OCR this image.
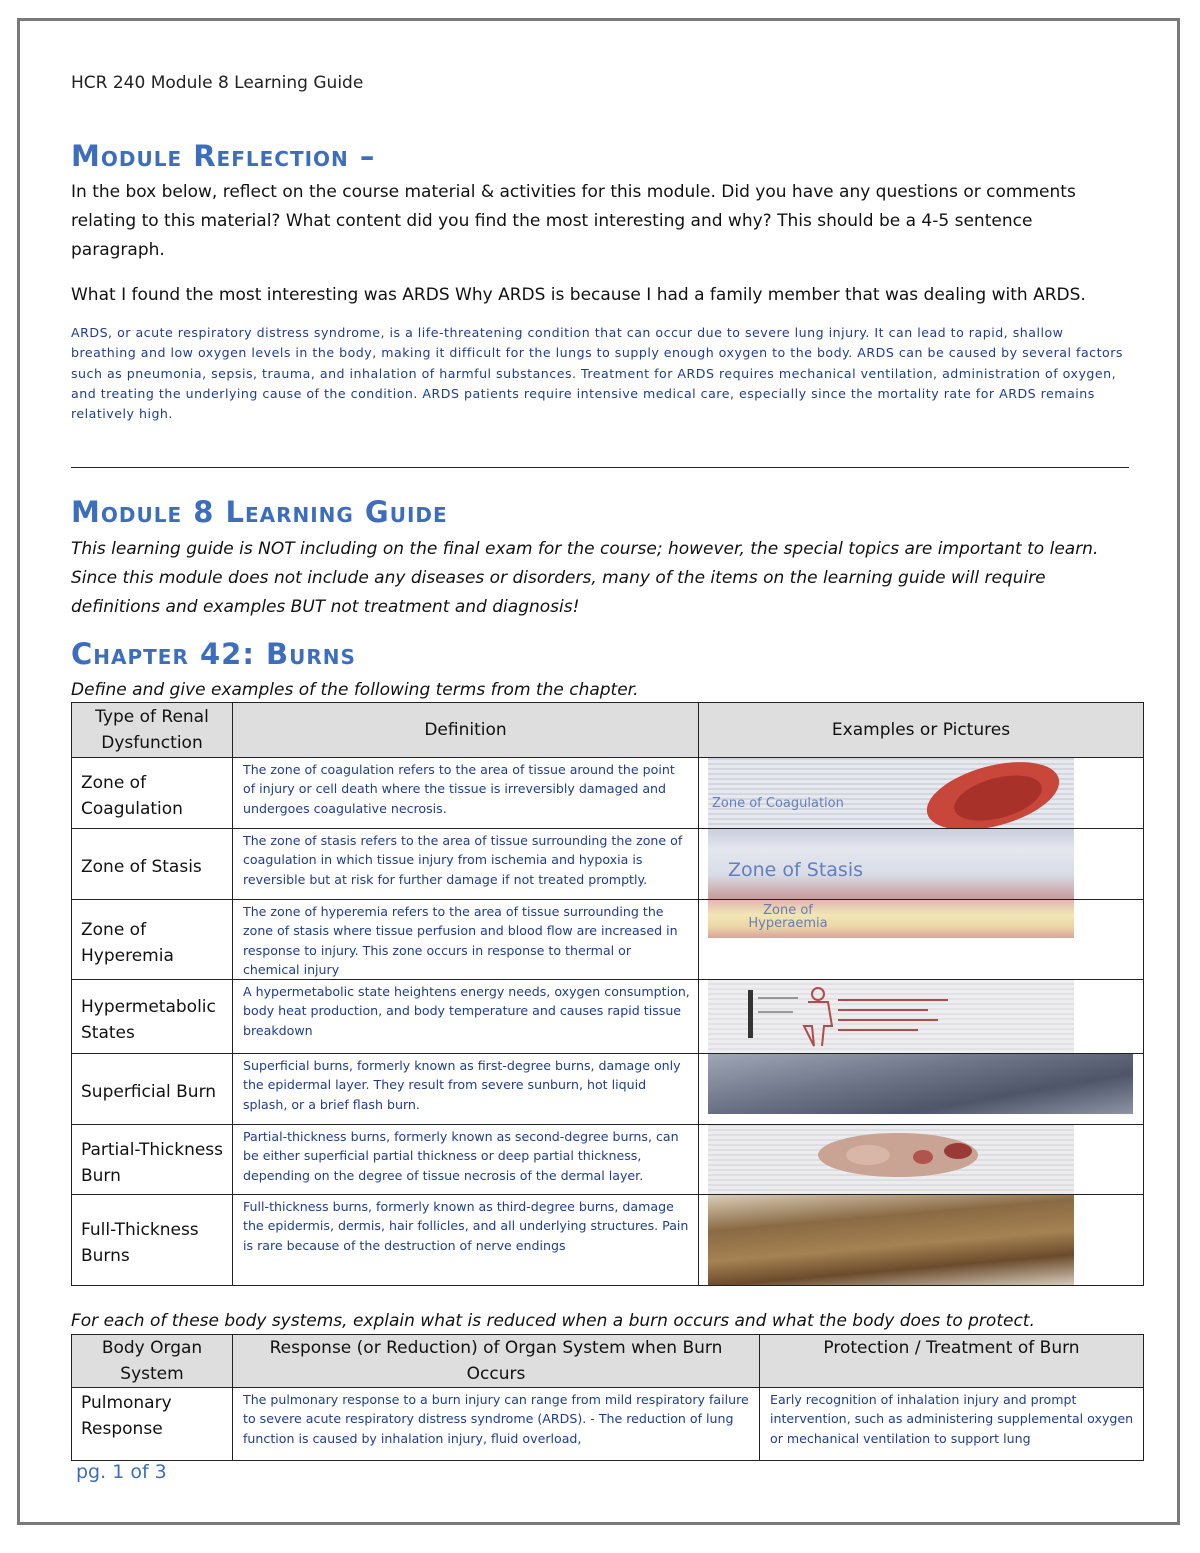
HCR 240 Module 8 Learning Guide
Module Reflection –
In the box below, reflect on the course material & activities for this module. Did you have any questions or comments relating to this material? What content did you find the most interesting and why? This should be a 4-5 sentence paragraph.
What I found the most interesting was ARDS Why ARDS is because I had a family member that was dealing with ARDS.
ARDS, or acute respiratory distress syndrome, is a life-threatening condition that can occur due to severe lung injury. It can lead to rapid, shallow breathing and low oxygen levels in the body, making it difficult for the lungs to supply enough oxygen to the body. ARDS can be caused by several factors such as pneumonia, sepsis, trauma, and inhalation of harmful substances. Treatment for ARDS requires mechanical ventilation, administration of oxygen, and treating the underlying cause of the condition. ARDS patients require intensive medical care, especially since the mortality rate for ARDS remains relatively high.
Module 8 Learning Guide
This learning guide is NOT including on the final exam for the course; however, the special topics are important to learn. Since this module does not include any diseases or disorders, many of the items on the learning guide will require definitions and examples BUT not treatment and diagnosis!
Chapter 42: Burns
Define and give examples of the following terms from the chapter.
Type of Renal Dysfunction	Definition	Examples or Pictures
Zone of Coagulation	The zone of coagulation refers to the area of tissue around the point of injury or cell death where the tissue is irreversibly damaged and undergoes coagulative necrosis.	Zone of Coagulation

Zone of Stasis	The zone of stasis refers to the area of tissue surrounding the zone of coagulation in which tissue injury from ischemia and hypoxia is reversible but at risk for further damage if not treated promptly.	Zone of Stasis

Zone of Hyperemia	The zone of hyperemia refers to the area of tissue surrounding the zone of stasis where tissue perfusion and blood flow are increased in response to injury. This zone occurs in response to thermal or chemical injury	Zone of Hyperaemia

Hypermetabolic States	A hypermetabolic state heightens energy needs, oxygen consumption, body heat production, and body temperature and causes rapid tissue breakdown	

Superficial Burn	Superficial burns, formerly known as first-degree burns, damage only the epidermal layer. They result from severe sunburn, hot liquid splash, or a brief flash burn.	

Partial-Thickness Burn	Partial-thickness burns, formerly known as second-degree burns, can be either superficial partial thickness or deep partial thickness, depending on the degree of tissue necrosis of the dermal layer.	

Full-Thickness Burns	Full-thickness burns, formerly known as third-degree burns, damage the epidermis, dermis, hair follicles, and all underlying structures. Pain is rare because of the destruction of nerve endings	
For each of these body systems, explain what is reduced when a burn occurs and what the body does to protect.
Body Organ System	Response (or Reduction) of Organ System when Burn Occurs	Protection / Treatment of Burn
Pulmonary Response	The pulmonary response to a burn injury can range from mild respiratory failure to severe acute respiratory distress syndrome (ARDS). - The reduction of lung function is caused by inhalation injury, fluid overload,	Early recognition of inhalation injury and prompt intervention, such as administering supplemental oxygen or mechanical ventilation to support lung
pg. 1 of 3
